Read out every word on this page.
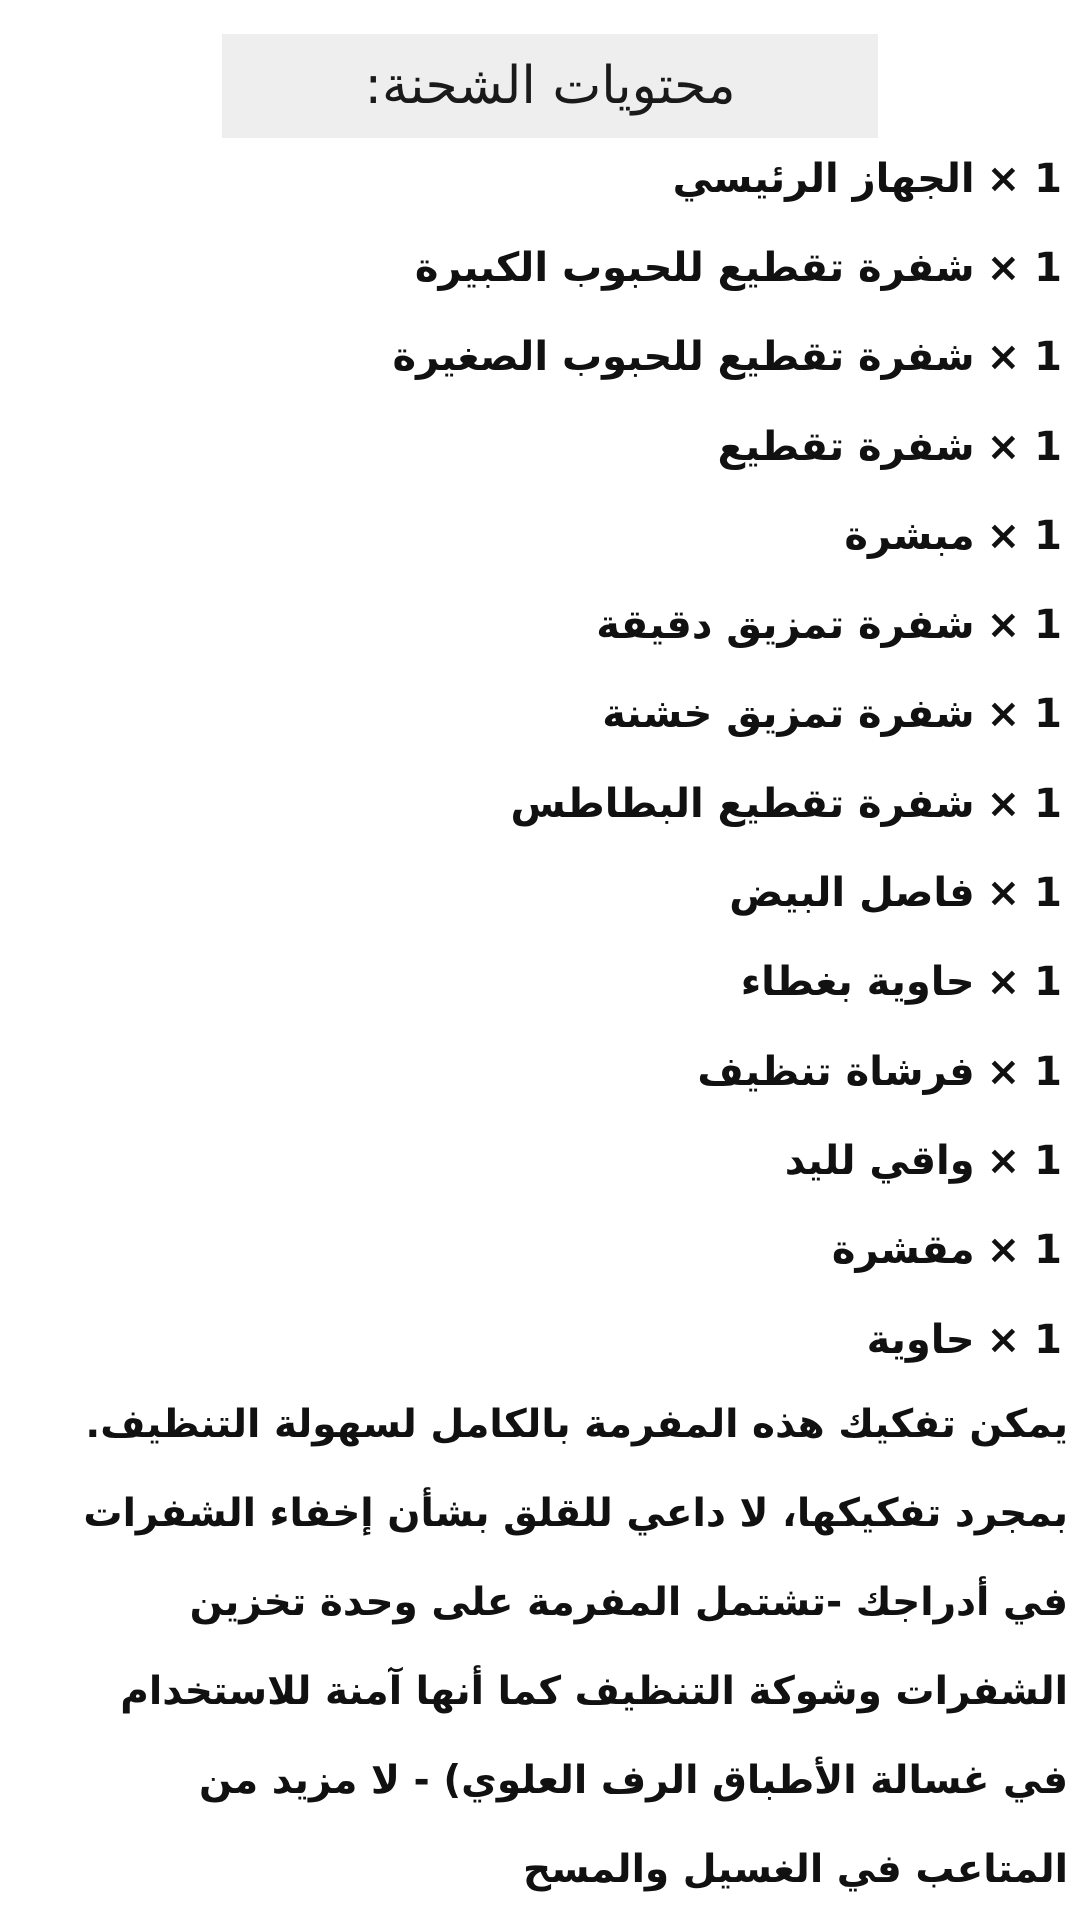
محتويات الشحنة:
1
×
الجهاز الرئيسي
1
×
شفرة تقطيع للحبوب الكبيرة
1
×
شفرة تقطيع للحبوب الصغيرة
1
×
شفرة تقطيع
1
×
مبشرة
1
×
شفرة تمزيق دقيقة
1
×
شفرة تمزيق خشنة
1
×
شفرة تقطيع البطاطس
1
×
فاصل البيض
1
×
حاوية بغطاء
1
×
فرشاة تنظيف
1
×
واقي لليد
1
×
مقشرة
1
×
حاوية

يمكن تفكيك هذه المفرمة بالكامل لسهولة التنظيف. بمجرد تفكيكها، لا داعي للقلق بشأن إخفاء الشفرات في أدراجك -تشتمل المفرمة على وحدة تخزين الشفرات وشوكة التنظيف كما أنها آمنة للاستخدام في غسالة الأطباق الرف العلوي) - لا مزيد من المتاعب في الغسيل والمسح
